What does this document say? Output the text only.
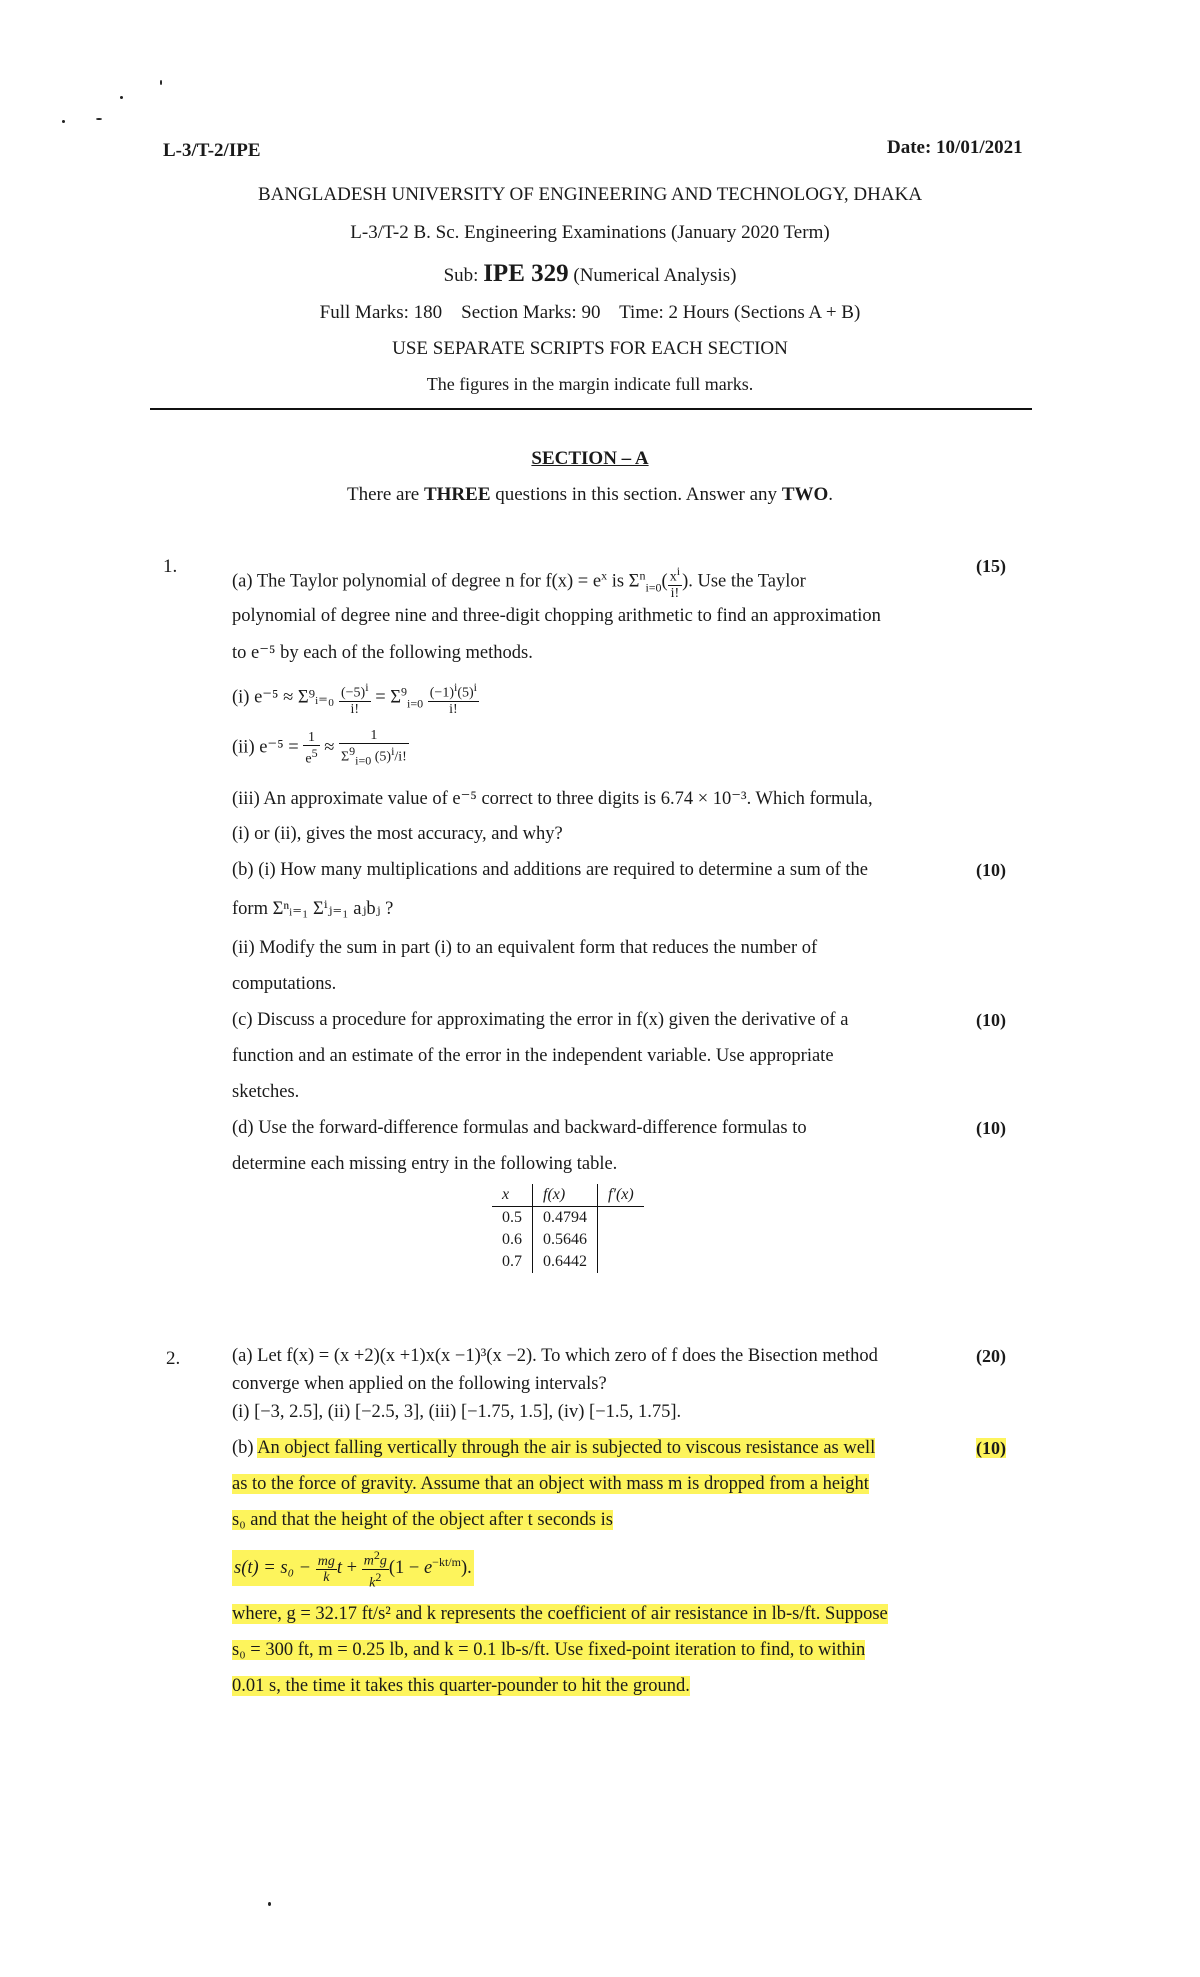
L-3/T-2/IPE	Date: 10/01/2021
BANGLADESH UNIVERSITY OF ENGINEERING AND TECHNOLOGY, DHAKA
L-3/T-2 B. Sc. Engineering Examinations (January 2020 Term)
Sub: IPE 329 (Numerical Analysis)
Full Marks: 180    Section Marks: 90    Time: 2 Hours (Sections A + B)
USE SEPARATE SCRIPTS FOR EACH SECTION
The figures in the margin indicate full marks.
SECTION – A
There are THREE questions in this section. Answer any TWO.
1.	(15)
(a) The Taylor polynomial of degree n for $f(x) = e^x$ is $\Sigma^n_{i=0}( \frac{x^i}{i!}$ ). Use the Taylor
polynomial of degree nine and three-digit chopping arithmetic to find an approximation
to e⁻⁵ by each of the following methods.
(i) e⁻⁵ ≈ Σ⁹ᵢ₌₀ $\frac{(-5)^i}{i!} = \Sigma^9_{i=0} \frac{(-1)^i(5)^i}{i!}$
(ii) $e^{-5} = \frac{1}{e^5} \approx \frac{1}{\Sigma^9_{i=0} (5)^i/i!}$
(iii) An approximate value of e⁻⁵ correct to three digits is 6.74 × 10⁻³. Which formula,
(i) or (ii), gives the most accuracy, and why?
(10)
(b) (i) How many multiplications and additions are required to determine a sum of the
form Σⁿᵢ₌₁ Σⁱⱼ₌₁ aⱼbⱼ ?
(ii) Modify the sum in part (i) to an equivalent form that reduces the number of
computations.
(10)
(c) Discuss a procedure for approximating the error in f(x) given the derivative of a
function and an estimate of the error in the independent variable. Use appropriate
sketches.
(10)
(d) Use the forward-difference formulas and backward-difference formulas to
determine each missing entry in the following table.
x	f(x)	f′(x)
0.5	0.4794	
0.6	0.5646	
0.7	0.6442	
2.	(20)
(a) Let f(x) = (x +2)(x +1)x(x −1)³(x −2). To which zero of f does the Bisection method
converge when applied on the following intervals?
(i) [−3, 2.5], (ii) [−2.5, 3], (iii) [−1.75, 1.5], (iv) [−1.5, 1.75].
(10)
(b) An object falling vertically through the air is subjected to viscous resistance as well
as to the force of gravity. Assume that an object with mass m is dropped from a height
s₀ and that the height of the object after t seconds is
$s(t) = s_0 - \frac{mg}{k}$ $t + \frac{m^2g}{k^2} (1 - e^{-kt/m})$.
where, g = 32.17 ft/s² and k represents the coefficient of air resistance in lb-s/ft. Suppose
s₀ = 300 ft, m = 0.25 lb, and k = 0.1 lb-s/ft. Use fixed-point iteration to find, to within
0.01 s, the time it takes this quarter-pounder to hit the ground.
